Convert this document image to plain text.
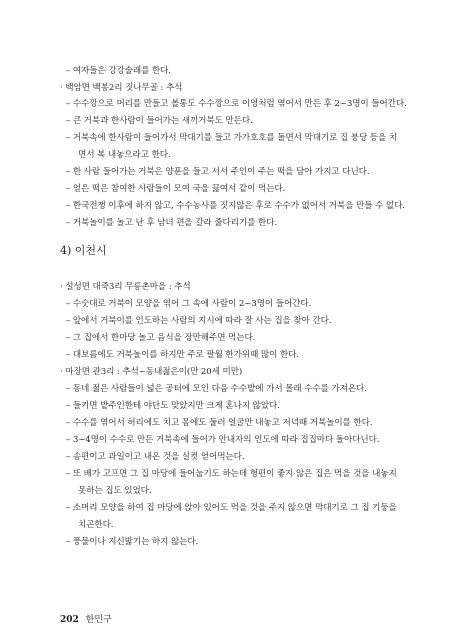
– 여자들은 강강술래를 한다.
· 백암면 백봉2리 짓나무골 : 추석
– 수수깡으로 머리를 만들고 볼통도 수수깡으로 이엉처럼 엮어서 만든 후 2~3명이 들어간다.
– 큰 거북과 한사람이 들어가는 새끼거북도 만든다.
– 거북속에 한사람이 들어가서 막대기를 들고 가가호호를 돌면서 막대기로 집 붕당 등을 치
면서 복 내놓으라고 한다.
– 한 사람 들어가는 거북은 양푼을 들고 서서 주인이 주는 떡을 담아 가지고 다닌다.
– 얻은 떡은 참여한 사람들이 모여 국을 끓여서 같이 먹는다.
– 한국전쟁 이후에 하지 않고, 수수농사를 짓지않은 후로 수수가 없어서 거북을 만들 수 없다.
– 거북놀이를 놀고 난 후 남녀 편을 갈라 줄다리기를 한다.
4) 이천시
· 설성면 대죽3리 무릉촌마을 : 추석
– 수숫대로 거북이 모양을 엮어 그 속에 사람이 2~3명이 들어간다.
– 앞에서 거북이를 인도하는 사람의 지시에 따라 잘 사는 집을 찾아 간다.
– 그 집에서 한마당 놀고 음식을 장만해주면 먹는다.
– 대보름에도 거북놀이를 하지만 주로 팔월 한가위때 많이 한다.
· 마장면 관3리 : 추석~동내젊은이(만 20세 미만)
– 동네 젊은 사람들이 넓은 공터에 모인 다음 수수밭에 가서 몰래 수수를 가져온다.
– 들키면 밭주인한테 야단도 맞았지만 크게 혼나지 않았다.
– 수수를 엮어서 허리에도 치고 몸에도 둘러 얼굴만 내놓고 저녁때 거북놀이를 한다.
– 3~4명이 수수로 만든 거북속에 들어가 안내자의 인도에 따라 집집마다 돌아다닌다.
– 송편이고 과일이고 내온 것을 실컷 얻어먹는다.
– 또 배가 고프면 그 집 마당에 들어눕기도 하는데 형편이 좋지 않은 집은 먹을 것을 내놓지
못하는 집도 있었다.
– 소머리 모양을 하여 집 마당에 앉아 있어도 먹을 것을 주지 않으면 막대기로 그 집 기둥을
치곤한다.
– 풍물이나 지신밟기는 하지 않는다.
202 한민구
